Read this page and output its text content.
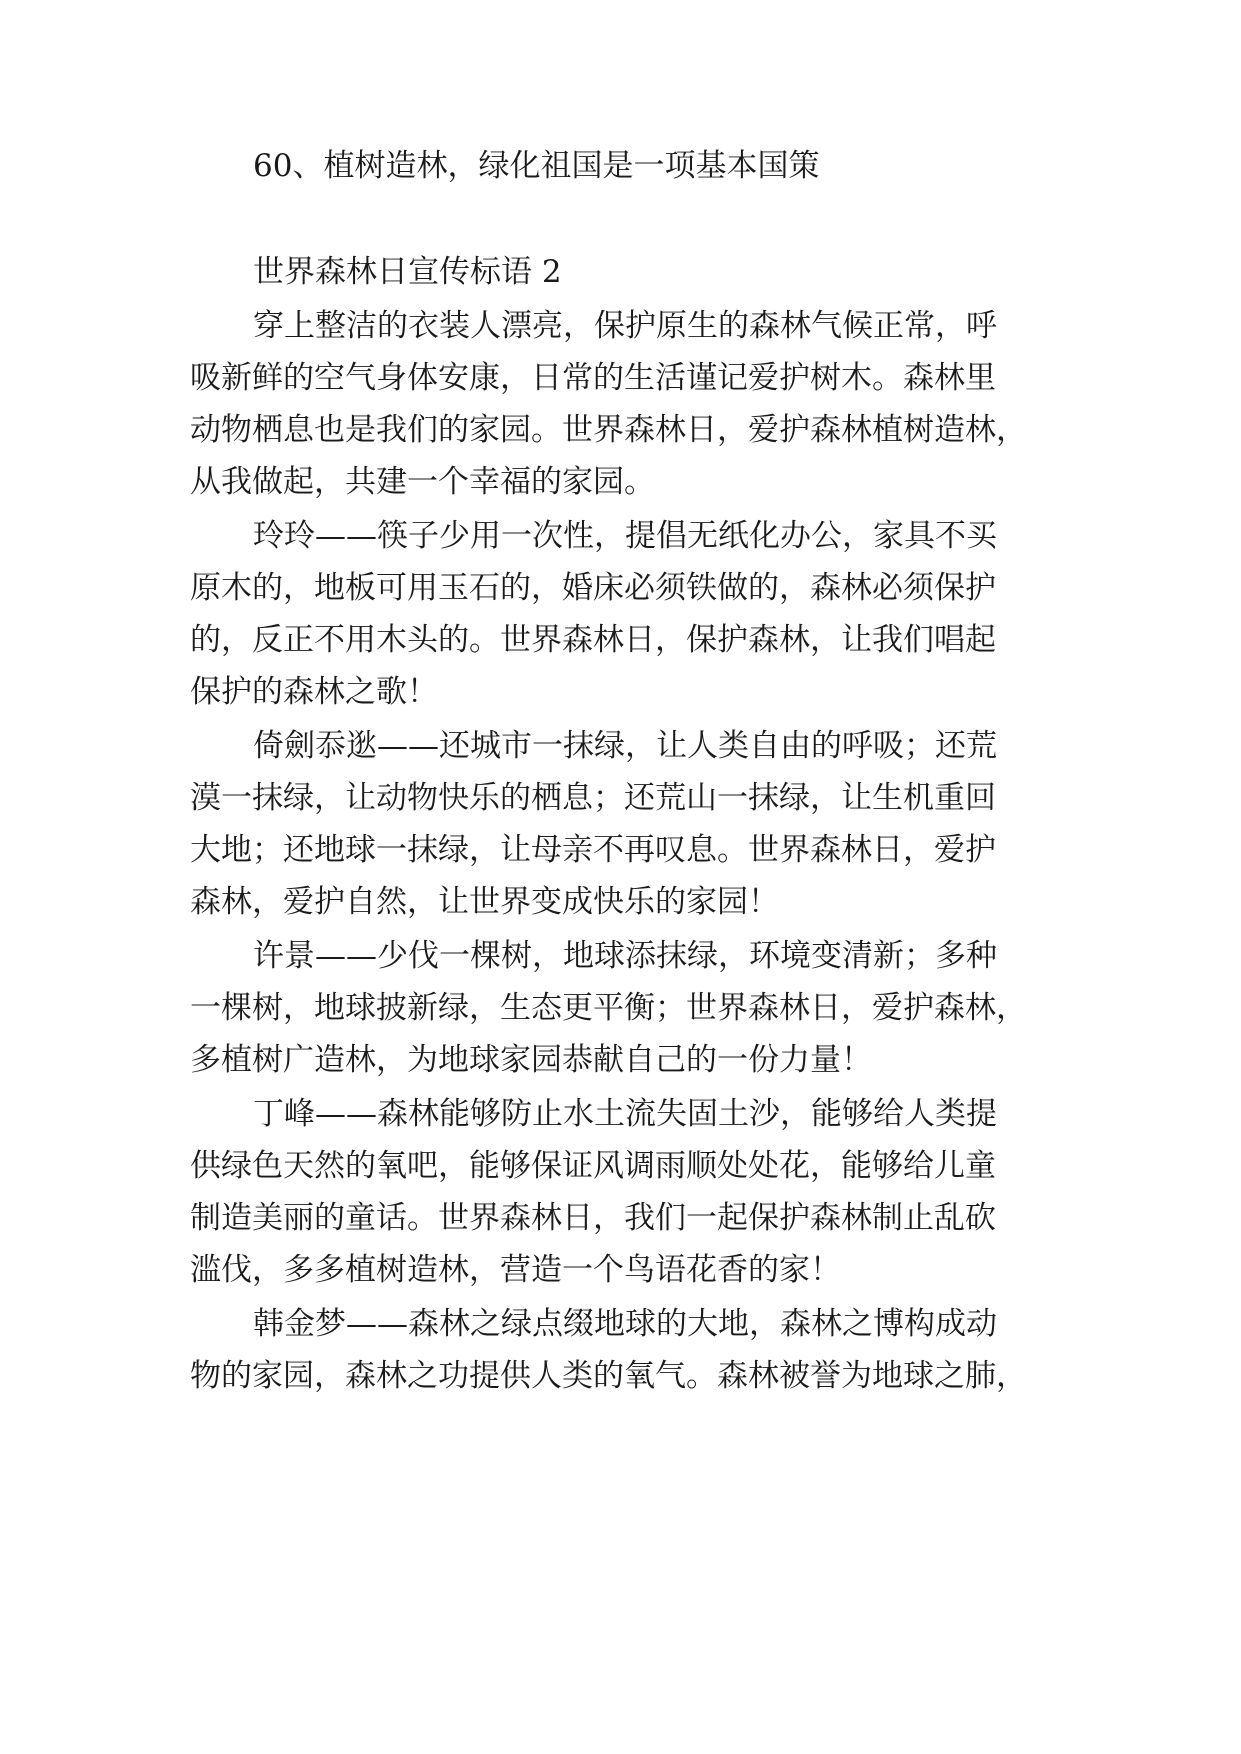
60、植树造林，绿化祖国是一项基本国策

世界森林日宣传标语 2

穿上整洁的衣装人漂亮，保护原生的森林气候正常，呼

吸新鲜的空气身体安康，日常的生活谨记爱护树木。森林里

动物栖息也是我们的家园。世界森林日，爱护森林植树造林，

从我做起，共建一个幸福的家园。

玲玲——筷子少用一次性，提倡无纸化办公，家具不买

原木的，地板可用玉石的，婚床必须铁做的，森林必须保护

的，反正不用木头的。世界森林日，保护森林，让我们唱起

保护的森林之歌！

倚劍忝逖——还城市一抹绿，让人类自由的呼吸；还荒

漠一抹绿，让动物快乐的栖息；还荒山一抹绿，让生机重回

大地；还地球一抹绿，让母亲不再叹息。世界森林日，爱护

森林，爱护自然，让世界变成快乐的家园！

许景——少伐一棵树，地球添抹绿，环境变清新；多种

一棵树，地球披新绿，生态更平衡；世界森林日，爱护森林，

多植树广造林，为地球家园恭献自己的一份力量！

丁峰——森林能够防止水土流失固土沙，能够给人类提

供绿色天然的氧吧，能够保证风调雨顺处处花，能够给儿童

制造美丽的童话。世界森林日，我们一起保护森林制止乱砍

滥伐，多多植树造林，营造一个鸟语花香的家！

韩金梦——森林之绿点缀地球的大地，森林之博构成动

物的家园，森林之功提供人类的氧气。森林被誉为地球之肺，
